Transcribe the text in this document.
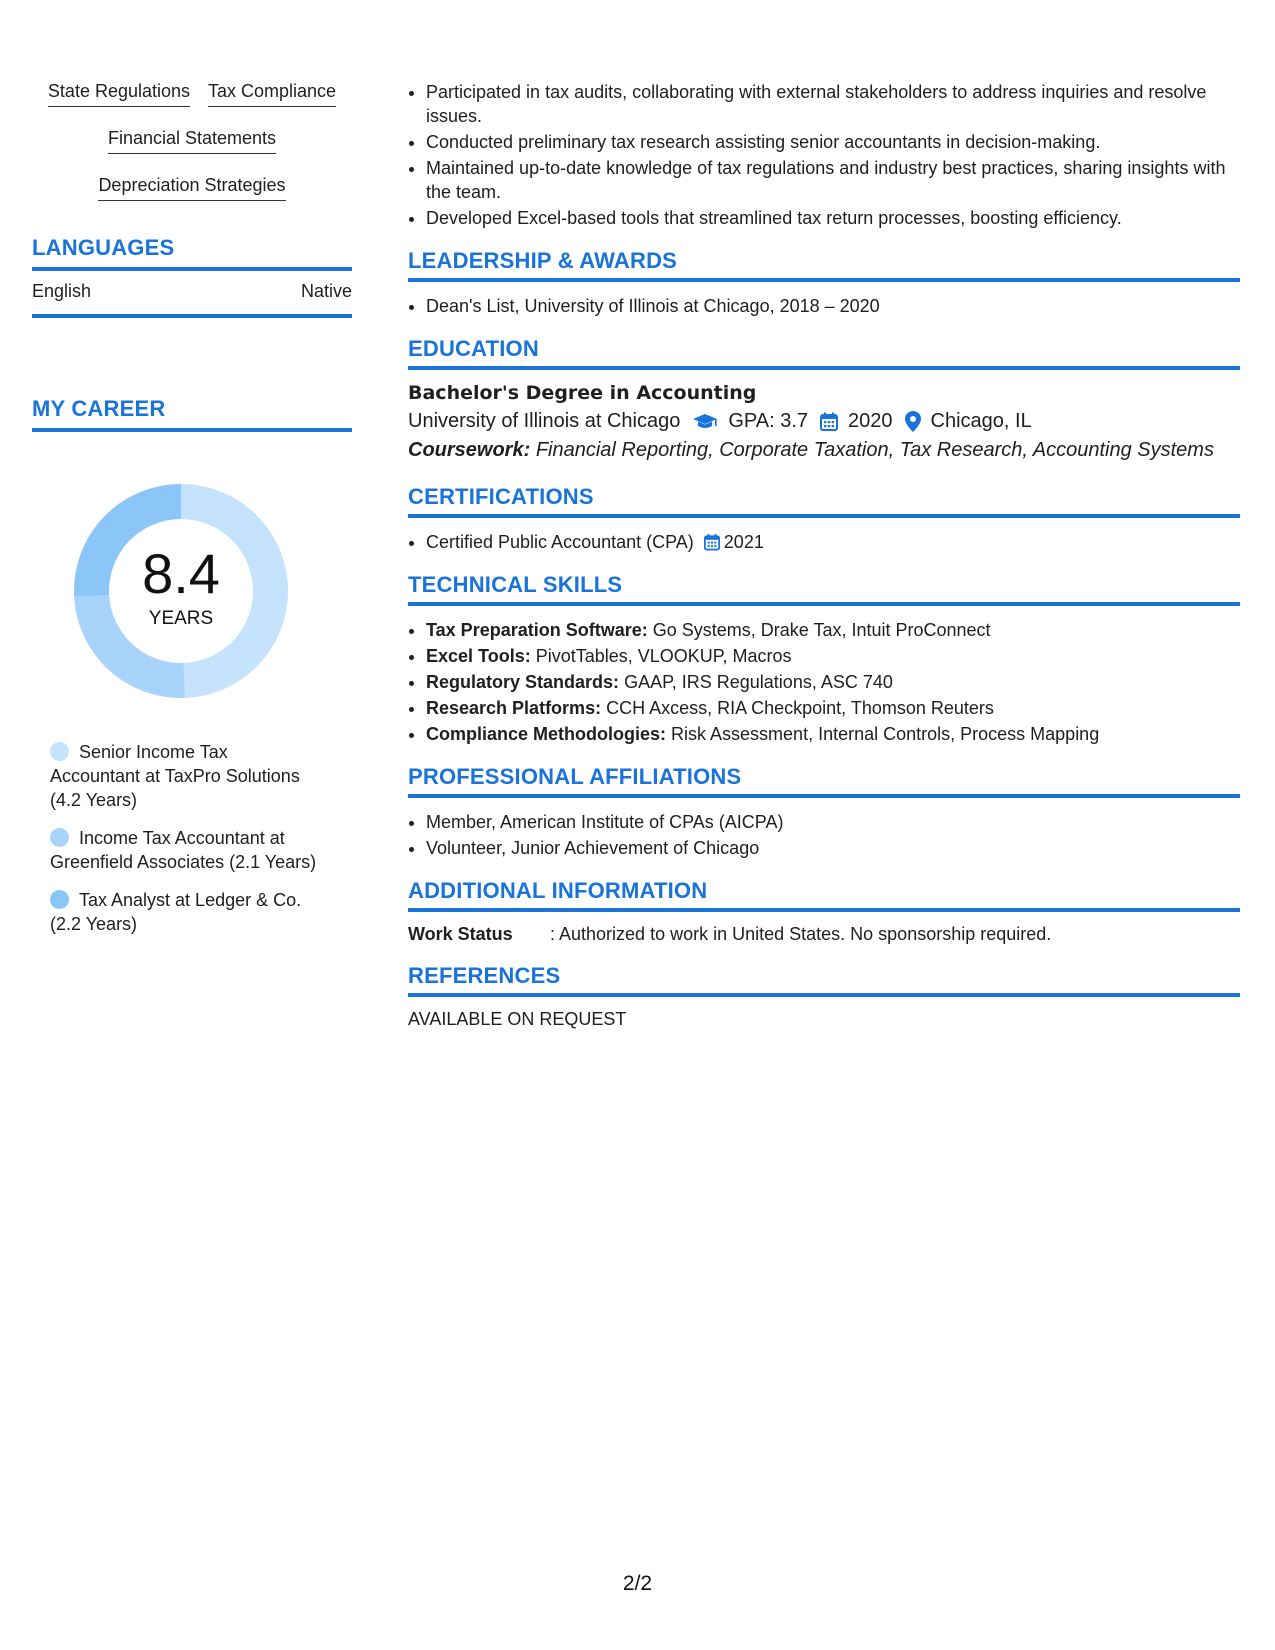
State Regulations Tax Compliance
Financial Statements
Depreciation Strategies
LANGUAGES
English	Native
MY CAREER
8.4
YEARS
Senior Income Tax Accountant at TaxPro Solutions (4.2 Years)
Income Tax Accountant at Greenfield Associates (2.1 Years)
Tax Analyst at Ledger & Co. (2.2 Years)
• Participated in tax audits, collaborating with external stakeholders to address inquiries and resolve issues.
• Conducted preliminary tax research assisting senior accountants in decision-making.
• Maintained up-to-date knowledge of tax regulations and industry best practices, sharing insights with the team.
• Developed Excel-based tools that streamlined tax return processes, boosting efficiency.
LEADERSHIP & AWARDS
• Dean's List, University of Illinois at Chicago, 2018 – 2020
EDUCATION
Bachelor's Degree in Accounting
University of Illinois at Chicago GPA: 3.7 2020 Chicago, IL
Coursework: Financial Reporting, Corporate Taxation, Tax Research, Accounting Systems
CERTIFICATIONS
• Certified Public Accountant (CPA) 2021
TECHNICAL SKILLS
• Tax Preparation Software: Go Systems, Drake Tax, Intuit ProConnect
• Excel Tools: PivotTables, VLOOKUP, Macros
• Regulatory Standards: GAAP, IRS Regulations, ASC 740
• Research Platforms: CCH Axcess, RIA Checkpoint, Thomson Reuters
• Compliance Methodologies: Risk Assessment, Internal Controls, Process Mapping
PROFESSIONAL AFFILIATIONS
• Member, American Institute of CPAs (AICPA)
• Volunteer, Junior Achievement of Chicago
ADDITIONAL INFORMATION
Work Status	: Authorized to work in United States. No sponsorship required.
REFERENCES
AVAILABLE ON REQUEST
2/2
